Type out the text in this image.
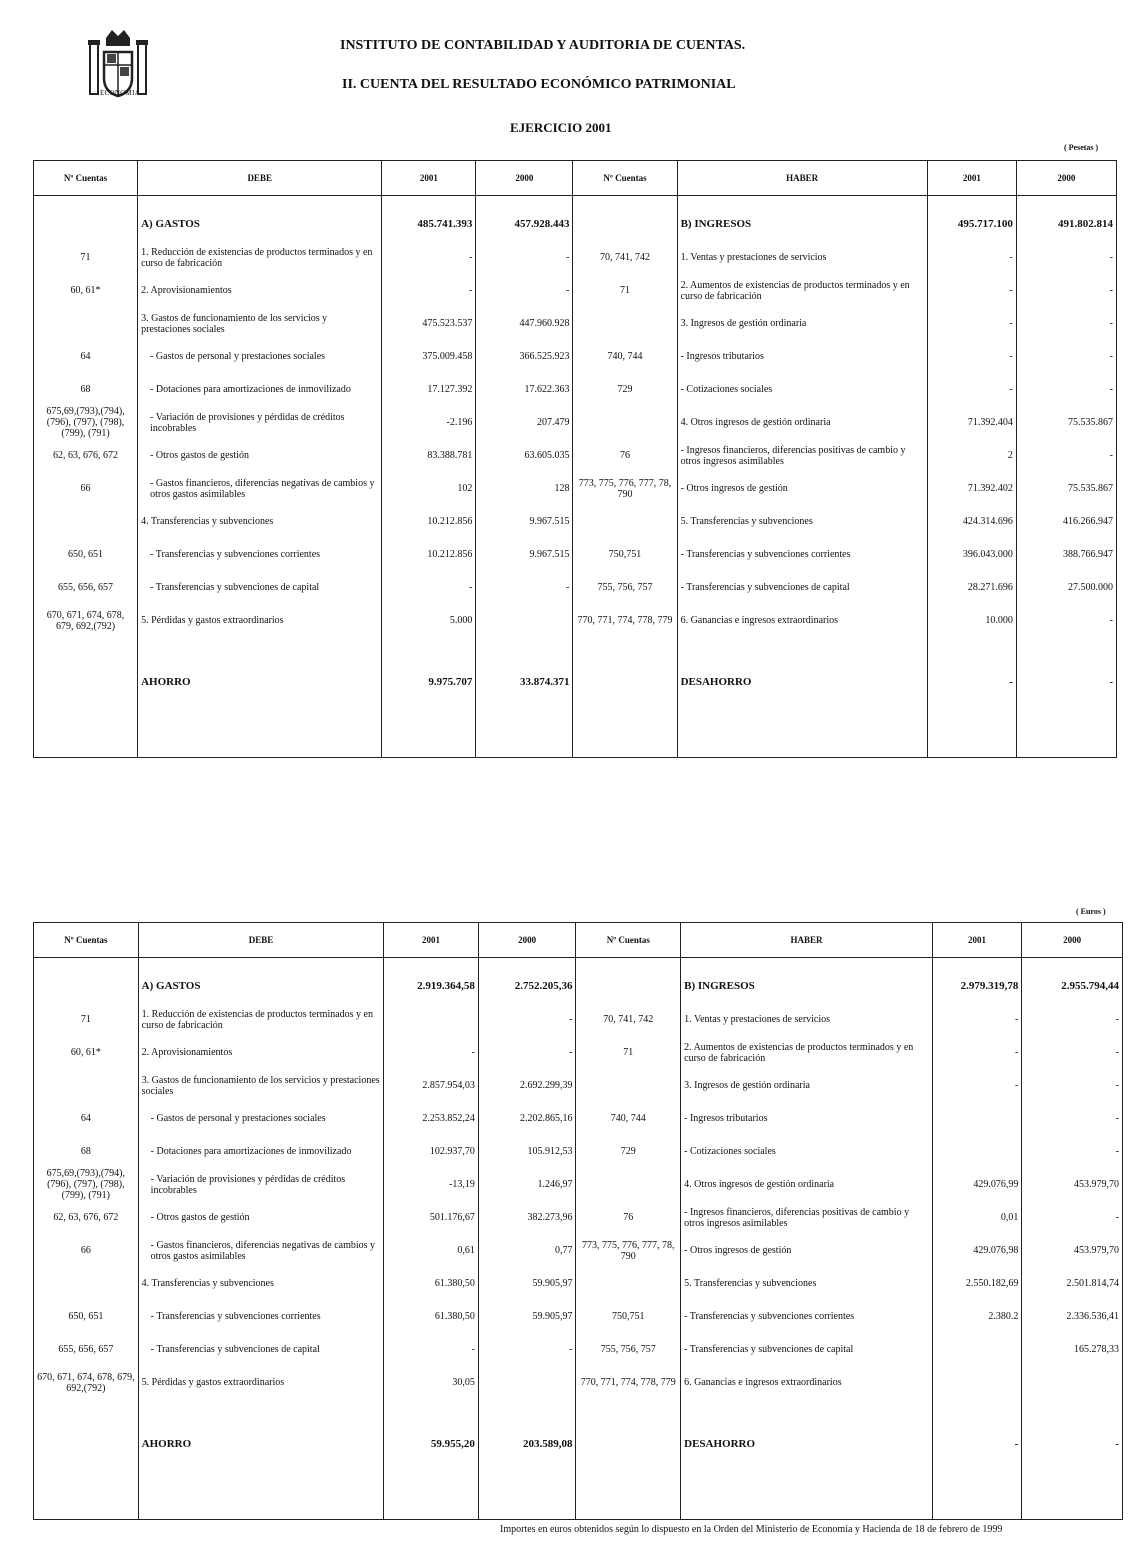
ECONOMIA
INSTITUTO DE CONTABILIDAD Y AUDITORIA DE CUENTAS.
II. CUENTA DEL RESULTADO ECONÓMICO PATRIMONIAL
EJERCICIO 2001
( Pesetas )
Nº Cuentas	DEBE	2001	2000	Nº Cuentas	HABER	2001	2000

	A) GASTOS	485.741.393	457.928.443		B) INGRESOS	495.717.100	491.802.814
71	1. Reducción de existencias de productos terminados y en curso de fabricación	-	-	70, 741, 742	1. Ventas y prestaciones de servicios	-	-
60, 61*	2. Aprovisionamientos	-	-	71	2. Aumentos de existencias de productos terminados y en curso de fabricación	-	-
	3. Gastos de funcionamiento de los servicios y prestaciones sociales	475.523.537	447.960.928		3. Ingresos de gestión ordinaria	-	-
64	- Gastos de personal y prestaciones sociales	375.009.458	366.525.923	740, 744	- Ingresos tributarios	-	-
68	- Dotaciones para amortizaciones de inmovilizado	17.127.392	17.622.363	729	- Cotizaciones sociales	-	-
675,69,(793),(794), (796), (797), (798), (799), (791)	- Variación de provisiones y pérdidas de créditos incobrables	-2.196	207.479		4. Otros ingresos de gestión ordinaria	71.392.404	75.535.867
62, 63, 676, 672	- Otros gastos de gestión	83.388.781	63.605.035	76	- Ingresos financieros, diferencias positivas de cambio y otros ingresos asimilables	2	-
66	- Gastos financieros, diferencias negativas de cambios y otros gastos asimilables	102	128	773, 775, 776, 777, 78, 790	- Otros ingresos de gestión	71.392.402	75.535.867
	4. Transferencias y subvenciones	10.212.856	9.967.515		5. Transferencias y subvenciones	424.314.696	416.266.947
650, 651	- Transferencias y subvenciones corrientes	10.212.856	9.967.515	750,751	- Transferencias y subvenciones corrientes	396.043.000	388.766.947
655, 656, 657	- Transferencias y subvenciones de capital	-	-	755, 756, 757	- Transferencias y subvenciones de capital	28.271.696	27.500.000
670, 671, 674, 678, 679, 692,(792)	5. Pérdidas y gastos extraordinarios	5.000		770, 771, 774, 778, 779	6. Ganancias e ingresos extraordinarios	10.000	-
	AHORRO	9.975.707	33.874.371		DESAHORRO	-	-

( Euros )
Nº Cuentas	DEBE	2001	2000	Nº Cuentas	HABER	2001	2000

	A) GASTOS	2.919.364,58	2.752.205,36		B) INGRESOS	2.979.319,78	2.955.794,44
71	1. Reducción de existencias de productos terminados y en curso de fabricación		-	70, 741, 742	1. Ventas y prestaciones de servicios	-	-
60, 61*	2. Aprovisionamientos	-	-	71	2. Aumentos de existencias de productos terminados y en curso de fabricación	-	-
	3. Gastos de funcionamiento de los servicios y prestaciones sociales	2.857.954,03	2.692.299,39		3. Ingresos de gestión ordinaria	-	-
64	- Gastos de personal y prestaciones sociales	2.253.852,24	2.202.865,16	740, 744	- Ingresos tributarios		-
68	- Dotaciones para amortizaciones de inmovilizado	102.937,70	105.912,53	729	- Cotizaciones sociales		-
675,69,(793),(794), (796), (797), (798), (799), (791)	- Variación de provisiones y pérdidas de créditos incobrables	-13,19	1.246,97		4. Otros ingresos de gestión ordinaria	429.076,99	453.979,70
62, 63, 676, 672	- Otros gastos de gestión	501.176,67	382.273,96	76	- Ingresos financieros, diferencias positivas de cambio y otros ingresos asimilables	0,01	-
66	- Gastos financieros, diferencias negativas de cambios y otros gastos asimilables	0,61	0,77	773, 775, 776, 777, 78, 790	- Otros ingresos de gestión	429.076,98	453.979,70
	4. Transferencias y subvenciones	61.380,50	59.905,97		5. Transferencias y subvenciones	2.550.182,69	2.501.814,74
650, 651	- Transferencias y subvenciones corrientes	61.380,50	59.905,97	750,751	- Transferencias y subvenciones corrientes	2.380.2	2.336.536,41
655, 656, 657	- Transferencias y subvenciones de capital	-	-	755, 756, 757	- Transferencias y subvenciones de capital		165.278,33
670, 671, 674, 678, 679, 692,(792)	5. Pérdidas y gastos extraordinarios	30,05		770, 771, 774, 778, 779	6. Ganancias e ingresos extraordinarios		
	AHORRO	59.955,20	203.589,08		DESAHORRO	-	-

Importes en euros obtenidos según lo dispuesto en la Orden del Ministerio de Economía y Hacienda de 18 de febrero de 1999
